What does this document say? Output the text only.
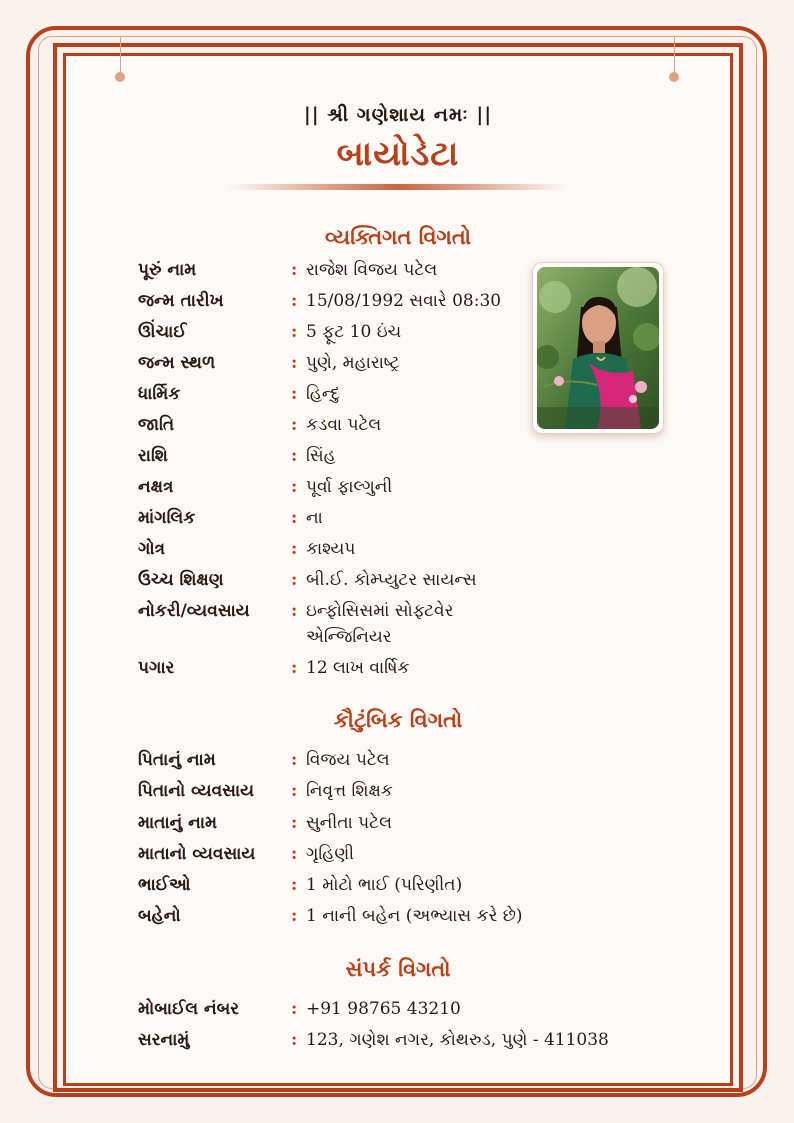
|| શ્રી ગણેશાય નમઃ ||
બાયોડેટા
વ્યક્તિગત વિગતો
પૂરું નામ	: રાજેશ વિજય પટેલ
જન્મ તારીખ	: 15/08/1992 સવારે 08:30
ઊંચાઈ	: 5 ફૂટ 10 ઇંચ
જન્મ સ્થળ	: પુણે, મહારાષ્ટ્ર
ધાર્મિક	: હિન્દુ
જાતિ	: કડવા પટેલ
રાશિ	: સિંહ
નક્ષત્ર	: પૂર્વા ફાલ્ગુની
માંગલિક	: ના
ગોત્ર	: કાશ્યપ
ઉચ્ચ શિક્ષણ	: બી.ઈ. કોમ્પ્યુટર સાયન્સ
નોકરી/વ્યવસાય	: ઇન્ફોસિસમાં સોફ્ટવેર એન્જિનિયર
પગાર	: 12 લાખ વાર્ષિક
કૌટુંબિક વિગતો
પિતાનું નામ	: વિજય પટેલ
પિતાનો વ્યવસાય	: નિવૃત્ત શિક્ષક
માતાનું નામ	: સુનીતા પટેલ
માતાનો વ્યવસાય	: ગૃહિણી
ભાઈઓ	: 1 મોટો ભાઈ (પરિણીત)
બહેનો	: 1 નાની બહેન (અભ્યાસ કરે છે)
સંપર્ક વિગતો
મોબાઈલ નંબર	: +91 98765 43210
સરનામું	: 123, ગણેશ નગર, કોથરુડ, પુણે - 411038
